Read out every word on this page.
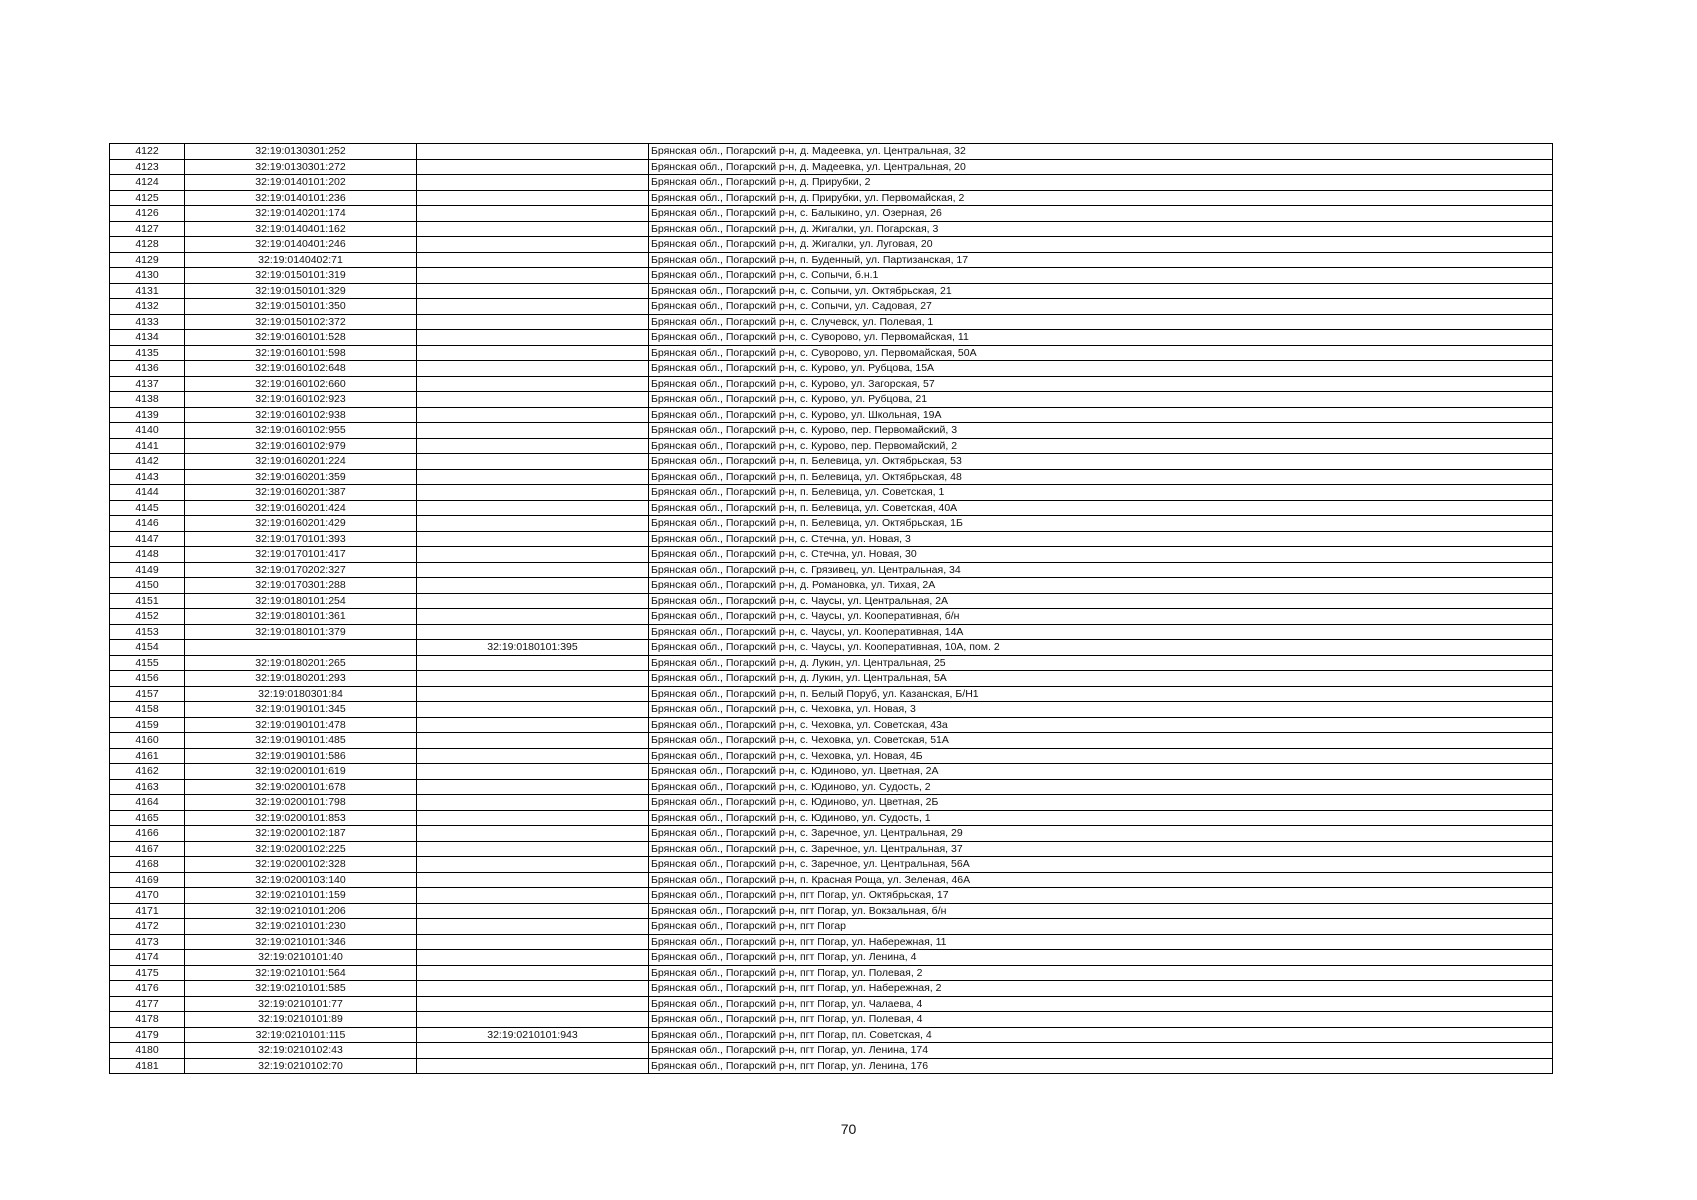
4122	32:19:0130301:252		Брянская обл., Погарский р-н, д. Мадеевка, ул. Центральная, 32
4123	32:19:0130301:272		Брянская обл., Погарский р-н, д. Мадеевка, ул. Центральная, 20
4124	32:19:0140101:202		Брянская обл., Погарский р-н, д. Прирубки, 2
4125	32:19:0140101:236		Брянская обл., Погарский р-н, д. Прирубки, ул. Первомайская, 2
4126	32:19:0140201:174		Брянская обл., Погарский р-н, с. Балыкино, ул. Озерная, 26
4127	32:19:0140401:162		Брянская обл., Погарский р-н, д. Жигалки, ул. Погарская, 3
4128	32:19:0140401:246		Брянская обл., Погарский р-н, д. Жигалки, ул. Луговая, 20
4129	32:19:0140402:71		Брянская обл., Погарский р-н, п. Буденный, ул. Партизанская, 17
4130	32:19:0150101:319		Брянская обл., Погарский р-н, с. Сопычи, б.н.1
4131	32:19:0150101:329		Брянская обл., Погарский р-н, с. Сопычи, ул. Октябрьская, 21
4132	32:19:0150101:350		Брянская обл., Погарский р-н, с. Сопычи, ул. Садовая, 27
4133	32:19:0150102:372		Брянская обл., Погарский р-н, с. Случевск, ул. Полевая, 1
4134	32:19:0160101:528		Брянская обл., Погарский р-н, с. Суворово, ул. Первомайская, 11
4135	32:19:0160101:598		Брянская обл., Погарский р-н, с. Суворово, ул. Первомайская, 50А
4136	32:19:0160102:648		Брянская обл., Погарский р-н, с. Курово, ул. Рубцова, 15А
4137	32:19:0160102:660		Брянская обл., Погарский р-н, с. Курово, ул. Загорская, 57
4138	32:19:0160102:923		Брянская обл., Погарский р-н, с. Курово, ул. Рубцова, 21
4139	32:19:0160102:938		Брянская обл., Погарский р-н, с. Курово, ул. Школьная, 19А
4140	32:19:0160102:955		Брянская обл., Погарский р-н, с. Курово, пер. Первомайский, 3
4141	32:19:0160102:979		Брянская обл., Погарский р-н, с. Курово, пер. Первомайский, 2
4142	32:19:0160201:224		Брянская обл., Погарский р-н, п. Белевица, ул. Октябрьская, 53
4143	32:19:0160201:359		Брянская обл., Погарский р-н, п. Белевица, ул. Октябрьская, 48
4144	32:19:0160201:387		Брянская обл., Погарский р-н, п. Белевица, ул. Советская, 1
4145	32:19:0160201:424		Брянская обл., Погарский р-н, п. Белевица, ул. Советская, 40А
4146	32:19:0160201:429		Брянская обл., Погарский р-н, п. Белевица, ул. Октябрьская, 1Б
4147	32:19:0170101:393		Брянская обл., Погарский р-н, с. Стечна, ул. Новая, 3
4148	32:19:0170101:417		Брянская обл., Погарский р-н, с. Стечна, ул. Новая, 30
4149	32:19:0170202:327		Брянская обл., Погарский р-н, с. Грязивец, ул. Центральная, 34
4150	32:19:0170301:288		Брянская обл., Погарский р-н, д. Романовка, ул. Тихая, 2А
4151	32:19:0180101:254		Брянская обл., Погарский р-н, с. Чаусы, ул. Центральная, 2А
4152	32:19:0180101:361		Брянская обл., Погарский р-н, с. Чаусы, ул. Кооперативная, б/н
4153	32:19:0180101:379		Брянская обл., Погарский р-н, с. Чаусы, ул. Кооперативная, 14А
4154		32:19:0180101:395	Брянская обл., Погарский р-н, с. Чаусы, ул. Кооперативная, 10А, пом. 2
4155	32:19:0180201:265		Брянская обл., Погарский р-н, д. Лукин, ул. Центральная, 25
4156	32:19:0180201:293		Брянская обл., Погарский р-н, д. Лукин, ул. Центральная, 5А
4157	32:19:0180301:84		Брянская обл., Погарский р-н, п. Белый Поруб, ул. Казанская, Б/Н1
4158	32:19:0190101:345		Брянская обл., Погарский р-н, с. Чеховка, ул. Новая, 3
4159	32:19:0190101:478		Брянская обл., Погарский р-н, с. Чеховка, ул. Советская, 43а
4160	32:19:0190101:485		Брянская обл., Погарский р-н, с. Чеховка, ул. Советская, 51А
4161	32:19:0190101:586		Брянская обл., Погарский р-н, с. Чеховка, ул. Новая, 4Б
4162	32:19:0200101:619		Брянская обл., Погарский р-н, с. Юдиново, ул. Цветная, 2А
4163	32:19:0200101:678		Брянская обл., Погарский р-н, с. Юдиново, ул. Судость, 2
4164	32:19:0200101:798		Брянская обл., Погарский р-н, с. Юдиново, ул. Цветная, 2Б
4165	32:19:0200101:853		Брянская обл., Погарский р-н, с. Юдиново, ул. Судость, 1
4166	32:19:0200102:187		Брянская обл., Погарский р-н, с. Заречное, ул. Центральная, 29
4167	32:19:0200102:225		Брянская обл., Погарский р-н, с. Заречное, ул. Центральная, 37
4168	32:19:0200102:328		Брянская обл., Погарский р-н, с. Заречное, ул. Центральная, 56А
4169	32:19:0200103:140		Брянская обл., Погарский р-н, п. Красная Роща, ул. Зеленая, 46А
4170	32:19:0210101:159		Брянская обл., Погарский р-н, пгт Погар, ул. Октябрьская, 17
4171	32:19:0210101:206		Брянская обл., Погарский р-н, пгт Погар, ул. Вокзальная, б/н
4172	32:19:0210101:230		Брянская обл., Погарский р-н, пгт Погар
4173	32:19:0210101:346		Брянская обл., Погарский р-н, пгт Погар, ул. Набережная, 11
4174	32:19:0210101:40		Брянская обл., Погарский р-н, пгт Погар, ул. Ленина, 4
4175	32:19:0210101:564		Брянская обл., Погарский р-н, пгт Погар, ул. Полевая, 2
4176	32:19:0210101:585		Брянская обл., Погарский р-н, пгт Погар, ул. Набережная, 2
4177	32:19:0210101:77		Брянская обл., Погарский р-н, пгт Погар, ул. Чалаева, 4
4178	32:19:0210101:89		Брянская обл., Погарский р-н, пгт Погар, ул. Полевая, 4
4179	32:19:0210101:115	32:19:0210101:943	Брянская обл., Погарский р-н, пгт Погар, пл. Советская, 4
4180	32:19:0210102:43		Брянская обл., Погарский р-н, пгт Погар, ул. Ленина, 174
4181	32:19:0210102:70		Брянская обл., Погарский р-н, пгт Погар, ул. Ленина, 176
70
